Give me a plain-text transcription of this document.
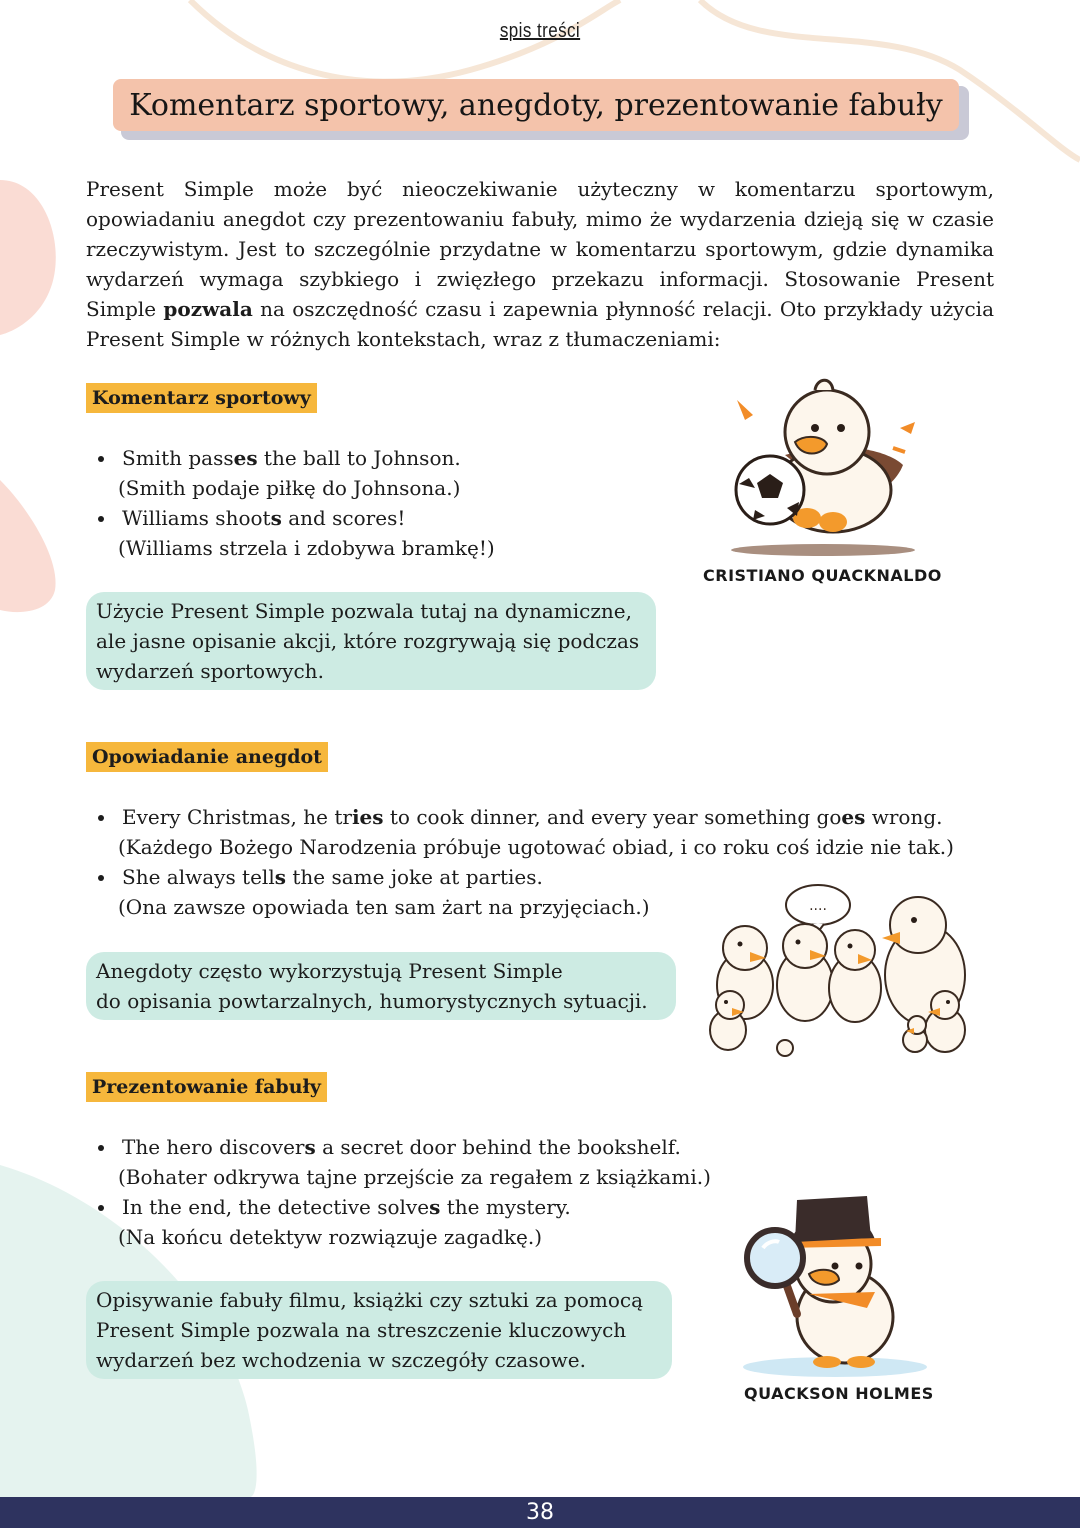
spis treści
Komentarz sportowy, anegdoty, prezentowanie fabuły

Present Simple może być nieoczekiwanie użyteczny w komentarzu sportowym, opowiadaniu anegdot czy prezentowaniu fabuły, mimo że wydarzenia dzieją się w czasie rzeczywistym. Jest to szczególnie przydatne w komentarzu sportowym, gdzie dynamika wydarzeń wymaga szybkiego i zwięzłego przekazu informacji. Stosowanie Present Simple pozwala na oszczędność czasu i zapewnia płynność relacji. Oto przykłady użycia Present Simple w różnych kontekstach, wraz z tłumaczeniami:

Komentarz sportowy
Smith passes the ball to Johnson.
(Smith podaje piłkę do Johnsona.)
Williams shoots and scores!
(Williams strzela i zdobywa bramkę!)
Użycie Present Simple pozwala tutaj na dynamiczne, ale jasne opisanie akcji, które rozgrywają się podczas wydarzeń sportowych.
CRISTIANO QUACKNALDO
Opowiadanie anegdot
Every Christmas, he tries to cook dinner, and every year something goes wrong.
(Każdego Bożego Narodzenia próbuje ugotować obiad, i co roku coś idzie nie tak.)
She always tells the same joke at parties.
(Ona zawsze opowiada ten sam żart na przyjęciach.)
Anegdoty często wykorzystują Present Simple
do opisania powtarzalnych, humorystycznych sytuacji.
....
Prezentowanie fabuły
The hero discovers a secret door behind the bookshelf.
(Bohater odkrywa tajne przejście za regałem z książkami.)
In the end, the detective solves the mystery.
(Na końcu detektyw rozwiązuje zagadkę.)
Opisywanie fabuły filmu, książki czy sztuki za pomocą Present Simple pozwala na streszczenie kluczowych wydarzeń bez wchodzenia w szczegóły czasowe.
QUACKSON HOLMES
38
